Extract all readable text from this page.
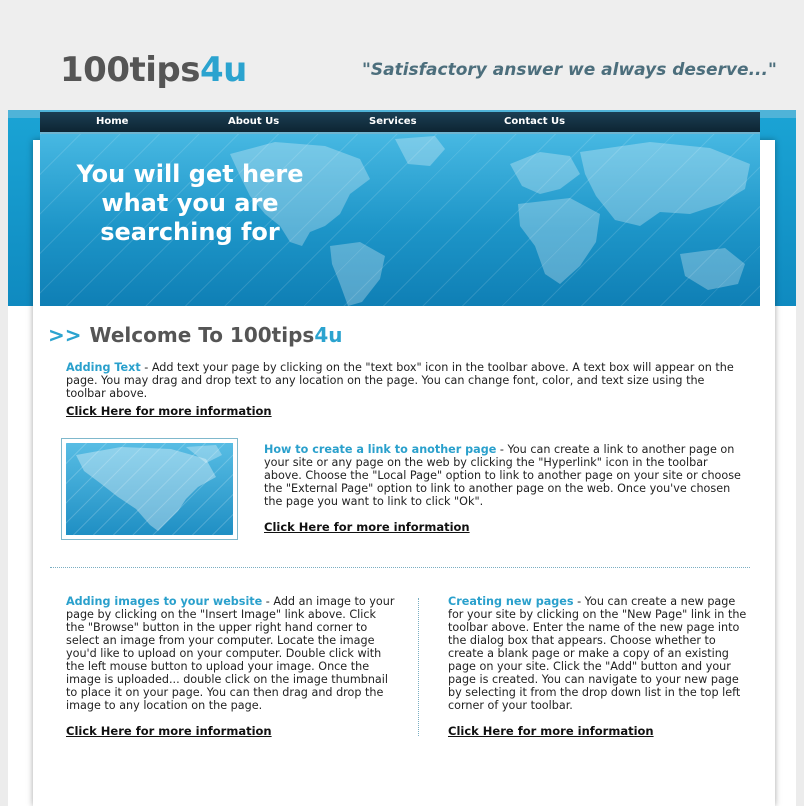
100tips4u	"Satisfactory answer we always deserve..."
You will get here
what you are
searching for
Home	About Us	Services	Contact Us
>> Welcome To 100tips4u
Adding Text - Add text your page by clicking on the "text box" icon in the toolbar above. A text box will appear on the page. You may drag and drop text to any location on the page. You can change font, color, and text size using the toolbar above.
Click Here for more information
How to create a link to another page - You can create a link to another page on your site or any page on the web by clicking the "Hyperlink" icon in the toolbar above. Choose the "Local Page" option to link to another page on your site or choose the "External Page" option to link to another page on the web. Once you've chosen the page you want to link to click "Ok".
Click Here for more information
Adding images to your website - Add an image to your page by clicking on the "Insert Image" link above. Click the "Browse" button in the upper right hand corner to select an image from your computer. Locate the image you'd like to upload on your computer. Double click with the left mouse button to upload your image. Once the image is uploaded... double click on the image thumbnail to place it on your page. You can then drag and drop the image to any location on the page.
Click Here for more information
Creating new pages - You can create a new page for your site by clicking on the "New Page" link in the toolbar above. Enter the name of the new page into the dialog box that appears. Choose whether to create a blank page or make a copy of an existing page on your site. Click the "Add" button and your page is created. You can navigate to your new page by selecting it from the drop down list in the top left corner of your toolbar.
Click Here for more information
